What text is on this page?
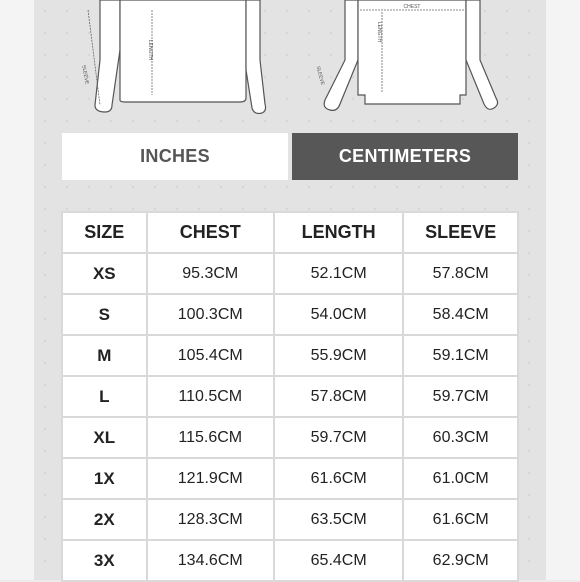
LENGTH
SLEEVE
CHEST
LENGTH
SLEEVE
INCHES	CENTIMETERS
SIZE	CHEST	LENGTH	SLEEVE
XS	95.3CM	52.1CM	57.8CM
S	100.3CM	54.0CM	58.4CM
M	105.4CM	55.9CM	59.1CM
L	110.5CM	57.8CM	59.7CM
XL	115.6CM	59.7CM	60.3CM
1X	121.9CM	61.6CM	61.0CM
2X	128.3CM	63.5CM	61.6CM
3X	134.6CM	65.4CM	62.9CM
